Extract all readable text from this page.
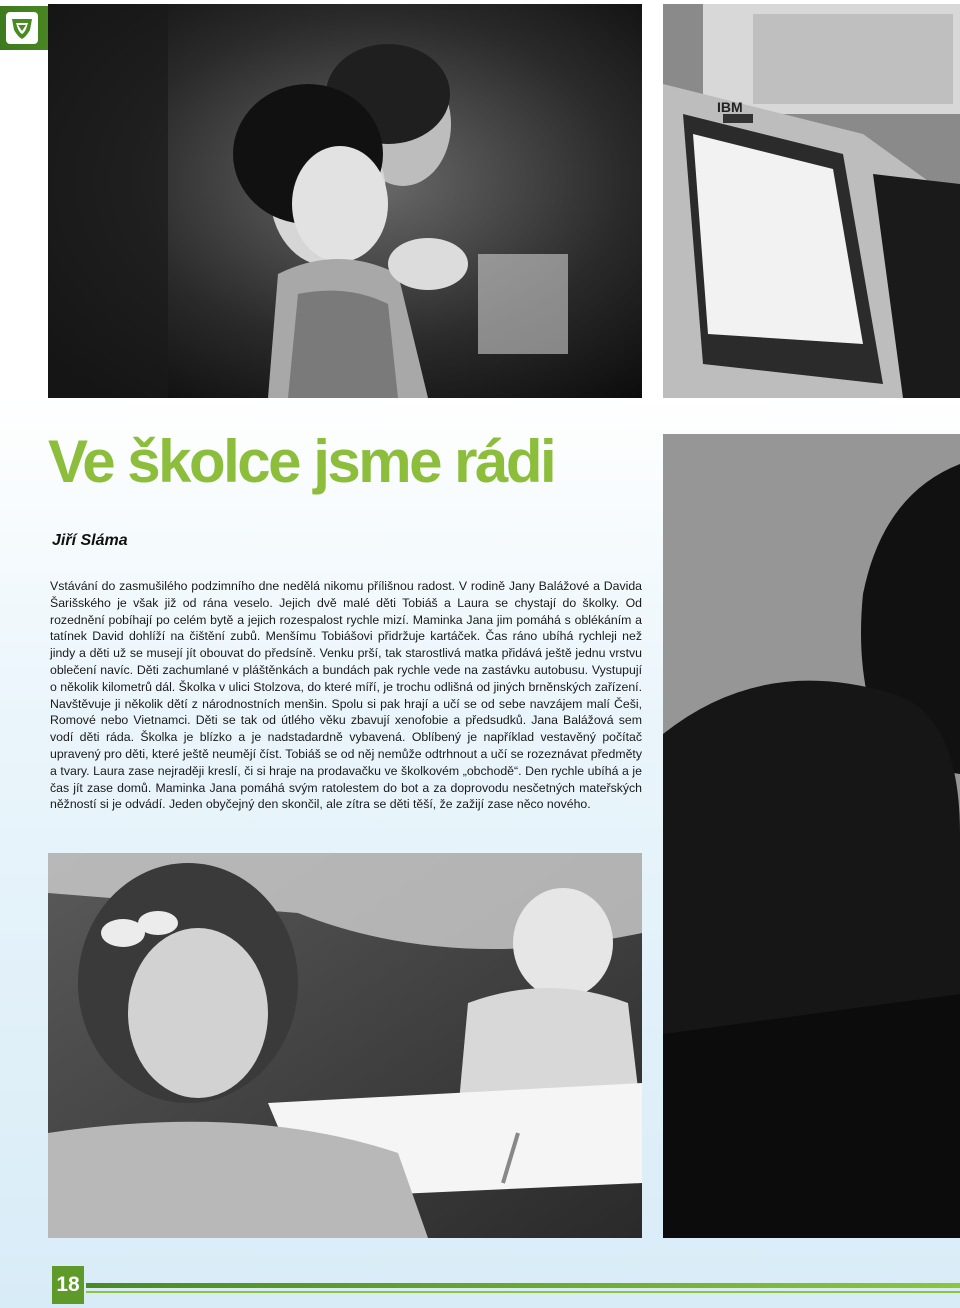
IBM
Ve školce jsme rádi
Jiří Sláma

Vstávání do zasmušilého podzimního dne nedělá nikomu přílišnou radost. V rodině Jany Balážové a Davida Šarišského je však již od rána veselo. Jejich dvě malé děti Tobiáš a Laura se chystají do školky. Od rozednění pobíhají po celém bytě a jejich rozespalost rychle mizí. Maminka Jana jim pomáhá s oblékáním a tatínek David dohlíží na čištění zubů. Menšímu Tobiášovi přidržuje kartáček. Čas ráno ubíhá rychleji než jindy a děti už se musejí jít obouvat do předsíně. Venku prší, tak starostlivá matka přidává ještě jednu vrstvu oblečení navíc. Děti zachumlané v pláštěnkách a bundách pak rychle vede na zastávku autobusu. Vystupují o několik kilometrů dál. Školka v ulici Stolzova, do které míří, je trochu odlišná od jiných brněnských zařízení. Navštěvuje ji několik dětí z národnostních menšin. Spolu si pak hrají a učí se od sebe navzájem malí Češi, Romové nebo Vietnamci. Děti se tak od útlého věku zbavují xenofobie a předsudků. Jana Balážová sem vodí děti ráda. Školka je blízko a je nadstadardně vybavená. Oblíbený je například vestavěný počítač upravený pro děti, které ještě neumějí číst. Tobiáš se od něj nemůže odtrhnout a učí se rozeznávat předměty a tvary. Laura zase nejraději kreslí, či si hraje na prodavačku ve školkovém „obchodě“. Den rychle ubíhá a je čas jít zase domů. Maminka Jana pomáhá svým ratolestem do bot a za doprovodu nesčetných mateřských něžností si je odvádí. Jeden obyčejný den skončil, ale zítra se děti těší, že zažijí zase něco nového.

18
